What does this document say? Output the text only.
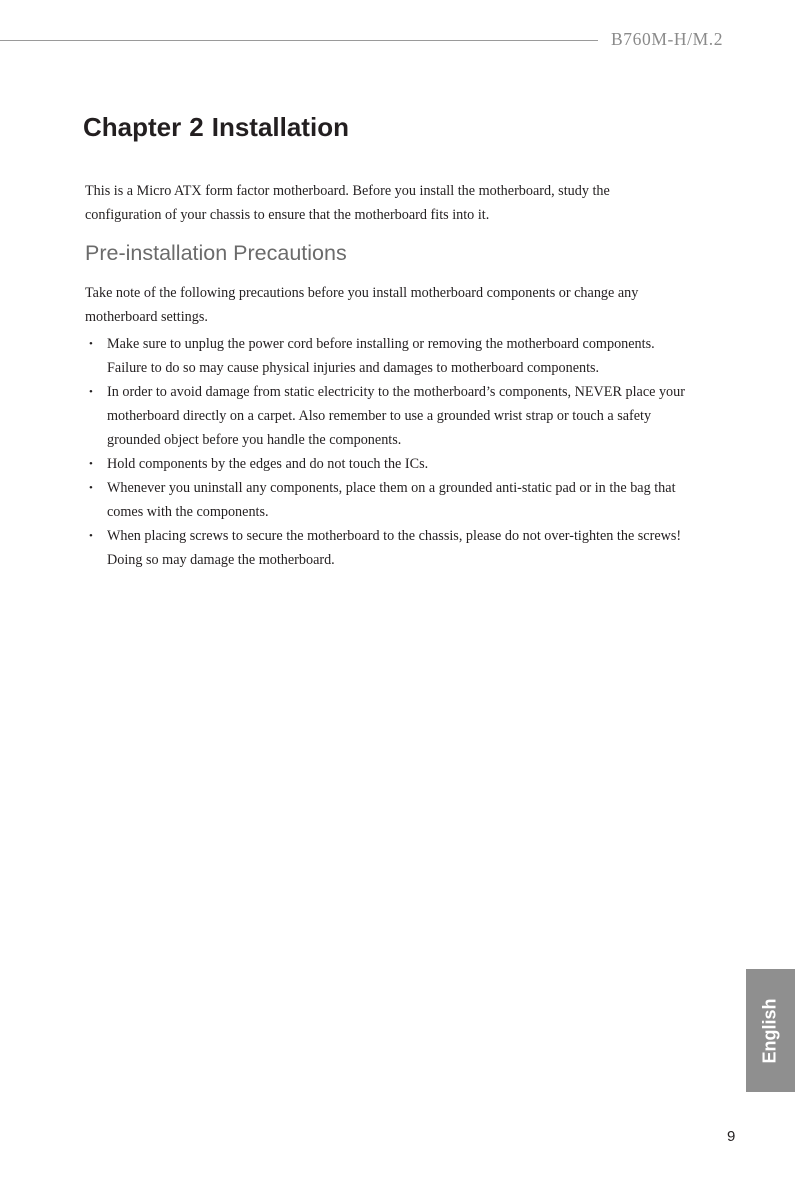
B760M-H/M.2
Chapter 2 Installation

This is a Micro ATX form factor motherboard. Before you install the motherboard, study the configuration of your chassis to ensure that the motherboard fits into it.

Pre-installation Precautions

Take note of the following precautions before you install motherboard components or change any motherboard settings.

• Make sure to unplug the power cord before installing or removing the motherboard components. Failure to do so may cause physical injuries and damages to motherboard components.
• In order to avoid damage from static electricity to the motherboard’s components, NEVER place your motherboard directly on a carpet. Also remember to use a grounded wrist strap or touch a safety grounded object before you handle the components.
• Hold components by the edges and do not touch the ICs.
• Whenever you uninstall any components, place them on a grounded anti-static pad or in the bag that comes with the components.
• When placing screws to secure the motherboard to the chassis, please do not over-tighten the screws! Doing so may damage the motherboard.
English
9
